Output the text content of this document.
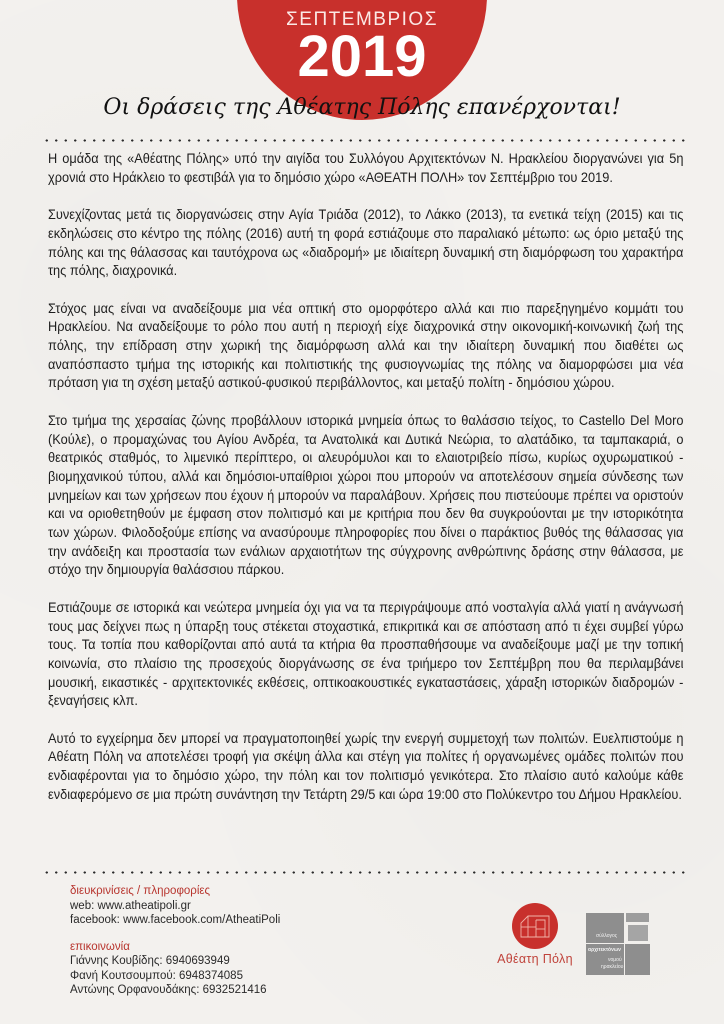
ΣΕΠΤΕΜΒΡΙΟΣ
2019
Οι δράσεις της Αθέατης Πόλης επανέρχονται!

Η ομάδα της «Αθέατης Πόλης» υπό την αιγίδα του Συλλόγου Αρχιτεκτόνων Ν. Ηρακλείου διοργανώνει για 5η χρονιά στο Ηράκλειο το φεστιβάλ για το δημόσιο χώρο «ΑΘΕΑΤΗ ΠΟΛΗ» τον Σεπτέμβριο του 2019.

Συνεχίζοντας μετά τις διοργανώσεις στην Αγία Τριάδα (2012), το Λάκκο (2013), τα ενετικά τείχη (2015) και τις εκδηλώσεις στο κέντρο της πόλης (2016) αυτή τη φορά εστιάζουμε στο παραλιακό μέτωπο: ως όριο μεταξύ της πόλης και της θάλασσας και ταυτόχρονα ως «διαδρομή» με ιδιαίτερη δυναμική στη διαμόρφωση του χαρακτήρα της πόλης, διαχρονικά.

Στόχος μας είναι να αναδείξουμε μια νέα οπτική στο ομορφότερο αλλά και πιο παρεξηγημένο κομμάτι του Ηρακλείου. Να αναδείξουμε το ρόλο που αυτή η περιοχή είχε διαχρονικά στην οικονομική-κοινωνική ζωή της πόλης, την επίδραση στην χωρική της διαμόρφωση αλλά και την ιδιαίτερη δυναμική που διαθέτει ως αναπόσπαστο τμήμα της ιστορικής και πολιτιστικής της φυσιογνωμίας της πόλης να διαμορφώσει μια νέα πρόταση για τη σχέση μεταξύ αστικού-φυσικού περιβάλλοντος, και μεταξύ πολίτη - δημόσιου χώρου.

Στο τμήμα της χερσαίας ζώνης προβάλλουν ιστορικά μνημεία όπως το θαλάσσιο τείχος, το Castello Del Moro (Κούλε), ο προμαχώνας του Αγίου Ανδρέα, τα Ανατολικά και Δυτικά Νεώρια, το αλατάδικο, τα ταμπακαριά, ο θεατρικός σταθμός, το λιμενικό περίπτερο, οι αλευρόμυλοι και το ελαιοτριβείο πίσω, κυρίως οχυρωματικού - βιομηχανικού τύπου, αλλά και δημόσιοι-υπαίθριοι χώροι που μπορούν να αποτελέσουν σημεία σύνδεσης των μνημείων και των χρήσεων που έχουν ή μπορούν να παραλάβουν. Χρήσεις που πιστεύουμε πρέπει να οριστούν και να οριοθετηθούν με έμφαση στον πολιτισμό και με κριτήρια που δεν θα συγκρούονται με την ιστορικότητα των χώρων. Φιλοδοξούμε επίσης να ανασύρουμε πληροφορίες που δίνει ο παράκτιος βυθός της θάλασσας για την ανάδειξη και προστασία των ενάλιων αρχαιοτήτων της σύγχρονης ανθρώπινης δράσης στην θάλασσα, με στόχο την δημιουργία θαλάσσιου πάρκου.

Εστιάζουμε σε ιστορικά και νεώτερα μνημεία όχι για να τα περιγράψουμε από νοσταλγία αλλά γιατί η ανάγνωσή τους μας δείχνει πως η ύπαρξη τους στέκεται στοχαστικά, επικριτικά και σε απόσταση από τι έχει συμβεί γύρω τους. Τα τοπία που καθορίζονται από αυτά τα κτήρια θα προσπαθήσουμε να αναδείξουμε μαζί με την τοπική κοινωνία, στο πλαίσιο της προσεχούς διοργάνωσης σε ένα τριήμερο τον Σεπτέμβρη που θα περιλαμβάνει μουσική, εικαστικές - αρχιτεκτονικές εκθέσεις, οπτικοακουστικές εγκαταστάσεις, χάραξη ιστορικών διαδρομών - ξεναγήσεις κλπ.

Αυτό το εγχείρημα δεν μπορεί να πραγματοποιηθεί χωρίς την ενεργή συμμετοχή των πολιτών. Ευελπιστούμε η Αθέατη Πόλη να αποτελέσει τροφή για σκέψη άλλα και στέγη για πολίτες ή οργανωμένες ομάδες πολιτών που ενδιαφέρονται για το δημόσιο χώρο, την πόλη και τον πολιτισμό γενικότερα. Στο πλαίσιο αυτό καλούμε κάθε ενδιαφερόμενο σε μια πρώτη συνάντηση την Τετάρτη 29/5 και ώρα 19:00 στο Πολύκεντρο του Δήμου Ηρακλείου.

διευκρινίσεις / πληροφορίες
web: www.atheatipoli.gr
facebook: www.facebook.com/AtheatiPoli
επικοινωνία
Γιάννης Κουβίδης: 6940693949
Φανή Κουτσουμπού: 6948374085
Αντώνης Ορφανουδάκης: 6932521416
Αθέατη Πόλη
σύλλογος
αρχιτεκτόνων
νομού
ηρακλείου
